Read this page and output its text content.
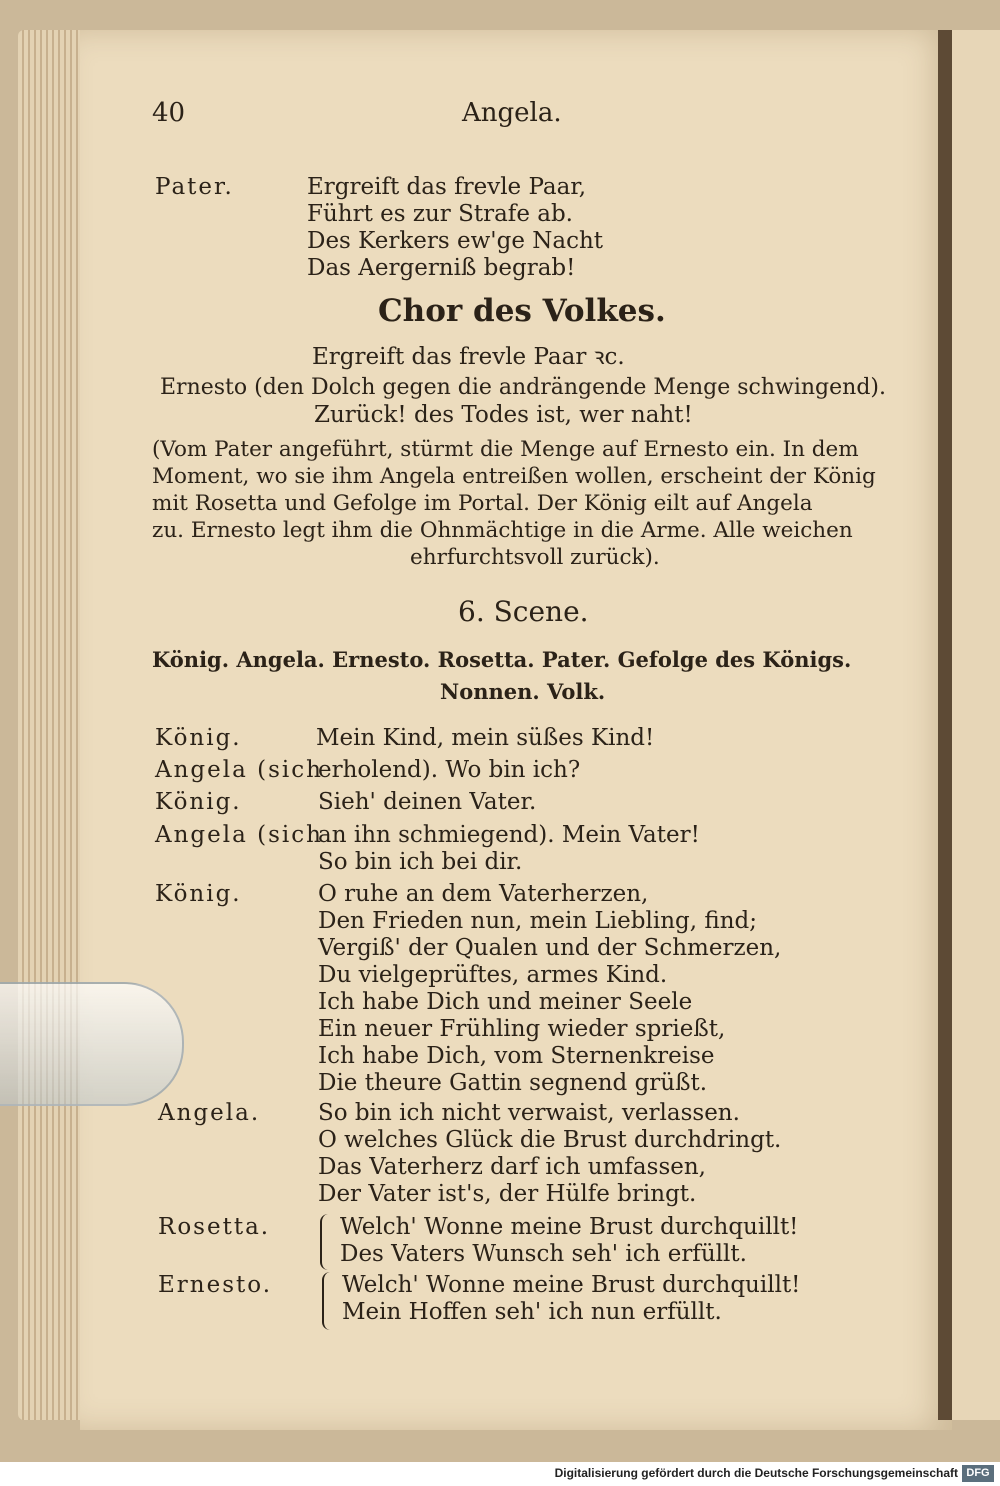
40	Angela.
Pater.	Ergreift das frevle Paar,
Führt es zur Strafe ab.
Des Kerkers ew'ge Nacht
Das Aergerniß begrab!
Chor des Volkes.
Ergreift das frevle Paar ꝛc.
Ernesto (den Dolch gegen die andrängende Menge schwingend).
Zurück! des Todes ist, wer naht!
(Vom Pater angeführt, stürmt die Menge auf Ernesto ein. In dem
Moment, wo sie ihm Angela entreißen wollen, erscheint der König
mit Rosetta und Gefolge im Portal. Der König eilt auf Angela
zu. Ernesto legt ihm die Ohnmächtige in die Arme. Alle weichen
ehrfurchtsvoll zurück).
6. Scene.
König. Angela. Ernesto. Rosetta. Pater. Gefolge des Königs.
Nonnen. Volk.
König.	Mein Kind, mein süßes Kind!
Angela (sich
erholend). Wo bin ich?
König.	Sieh' deinen Vater.
Angela (sich
an ihn schmiegend). Mein Vater!
So bin ich bei dir.
König.	O ruhe an dem Vaterherzen,
Den Frieden nun, mein Liebling, find;
Vergiß' der Qualen und der Schmerzen,
Du vielgeprüftes, armes Kind.
Ich habe Dich und meiner Seele
Ein neuer Frühling wieder sprießt,
Ich habe Dich, vom Sternenkreise
Die theure Gattin segnend grüßt.
Angela.	So bin ich nicht verwaist, verlassen.
O welches Glück die Brust durchdringt.
Das Vaterherz darf ich umfassen,
Der Vater ist's, der Hülfe bringt.
Rosetta.	Welch' Wonne meine Brust durchquillt!
Des Vaters Wunsch seh' ich erfüllt.
Ernesto.	Welch' Wonne meine Brust durchquillt!
Mein Hoffen seh' ich nun erfüllt.
Digitalisierung gefördert durch die Deutsche Forschungsgemeinschaft DFG
